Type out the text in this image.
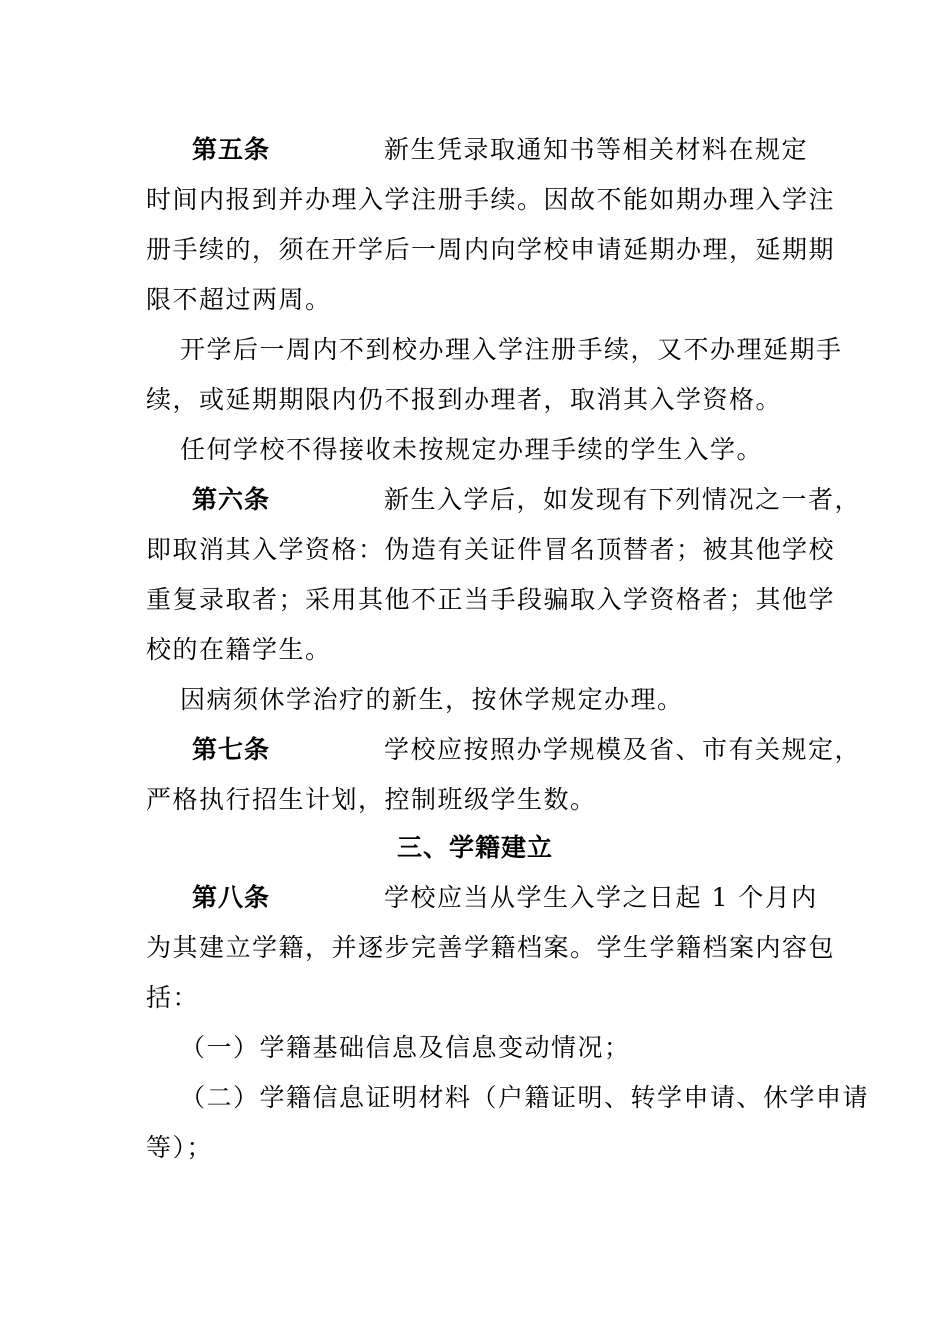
第五条	新生凭录取通知书等相关材料在规定
时间内报到并办理入学注册手续。因故不能如期办理入学注
册手续的，须在开学后一周内向学校申请延期办理，延期期
限不超过两周。
开学后一周内不到校办理入学注册手续，又不办理延期手
续，或延期期限内仍不报到办理者，取消其入学资格。
任何学校不得接收未按规定办理手续的学生入学。
第六条	新生入学后，如发现有下列情况之一者，
即取消其入学资格：伪造有关证件冒名顶替者；被其他学校
重复录取者；采用其他不正当手段骗取入学资格者；其他学
校的在籍学生。
因病须休学治疗的新生，按休学规定办理。
第七条	学校应按照办学规模及省、市有关规定，
严格执行招生计划，控制班级学生数。
三、学籍建立
第八条	学校应当从学生入学之日起 1 个月内
为其建立学籍，并逐步完善学籍档案。学生学籍档案内容包
括：
（一）学籍基础信息及信息变动情况；
（二）学籍信息证明材料（户籍证明、转学申请、休学申请
等）；
